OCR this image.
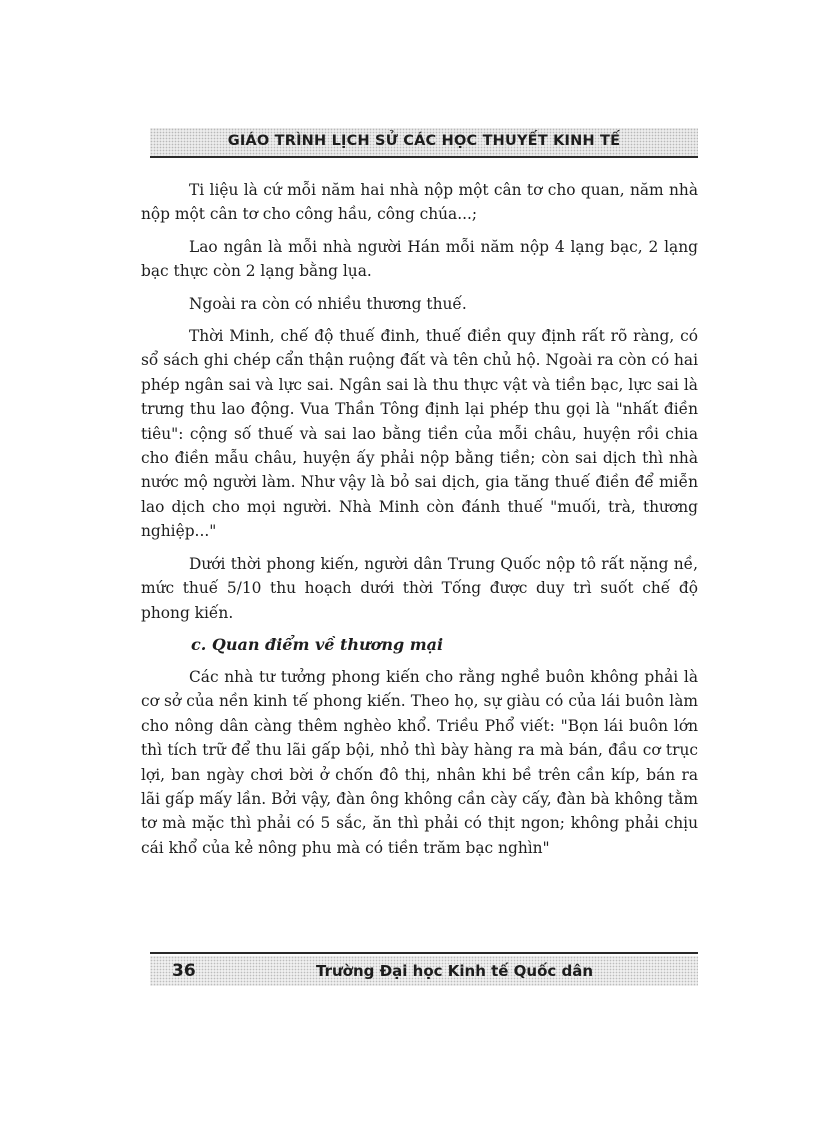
GIÁO TRÌNH LỊCH SỬ CÁC HỌC THUYẾT KINH TẾ

Ti liệu là cứ mỗi năm hai nhà nộp một cân tơ cho quan, năm nhà nộp một cân tơ cho công hầu, công chúa...;

Lao ngân là mỗi nhà người Hán mỗi năm nộp 4 lạng bạc, 2 lạng bạc thực còn 2 lạng bằng lụa.

Ngoài ra còn có nhiều thương thuế.

Thời Minh, chế độ thuế đinh, thuế điền quy định rất rõ ràng, có sổ sách ghi chép cẩn thận ruộng đất và tên chủ hộ. Ngoài ra còn có hai phép ngân sai và lực sai. Ngân sai là thu thực vật và tiền bạc, lực sai là trưng thu lao động. Vua Thần Tông định lại phép thu gọi là "nhất điền tiêu": cộng số thuế và sai lao bằng tiền của mỗi châu, huyện rồi chia cho điền mẫu châu, huyện ấy phải nộp bằng tiền; còn sai dịch thì nhà nước mộ người làm. Như vậy là bỏ sai dịch, gia tăng thuế điền để miễn lao dịch cho mọi người. Nhà Minh còn đánh thuế "muối, trà, thương nghiệp..."

Dưới thời phong kiến, người dân Trung Quốc nộp tô rất nặng nề, mức thuế 5/10 thu hoạch dưới thời Tống được duy trì suốt chế độ phong kiến.

c. Quan điểm về thương mại

Các nhà tư tưởng phong kiến cho rằng nghề buôn không phải là cơ sở của nền kinh tế phong kiến. Theo họ, sự giàu có của lái buôn làm cho nông dân càng thêm nghèo khổ. Triều Phổ viết: "Bọn lái buôn lớn thì tích trữ để thu lãi gấp bội, nhỏ thì bày hàng ra mà bán, đầu cơ trục lợi, ban ngày chơi bời ở chốn đô thị, nhân khi bề trên cần kíp, bán ra lãi gấp mấy lần. Bởi vậy, đàn ông không cần cày cấy, đàn bà không tằm tơ mà mặc thì phải có 5 sắc, ăn thì phải có thịt ngon; không phải chịu cái khổ của kẻ nông phu mà có tiền trăm bạc nghìn"

36	Trường Đại học Kinh tế Quốc dân
